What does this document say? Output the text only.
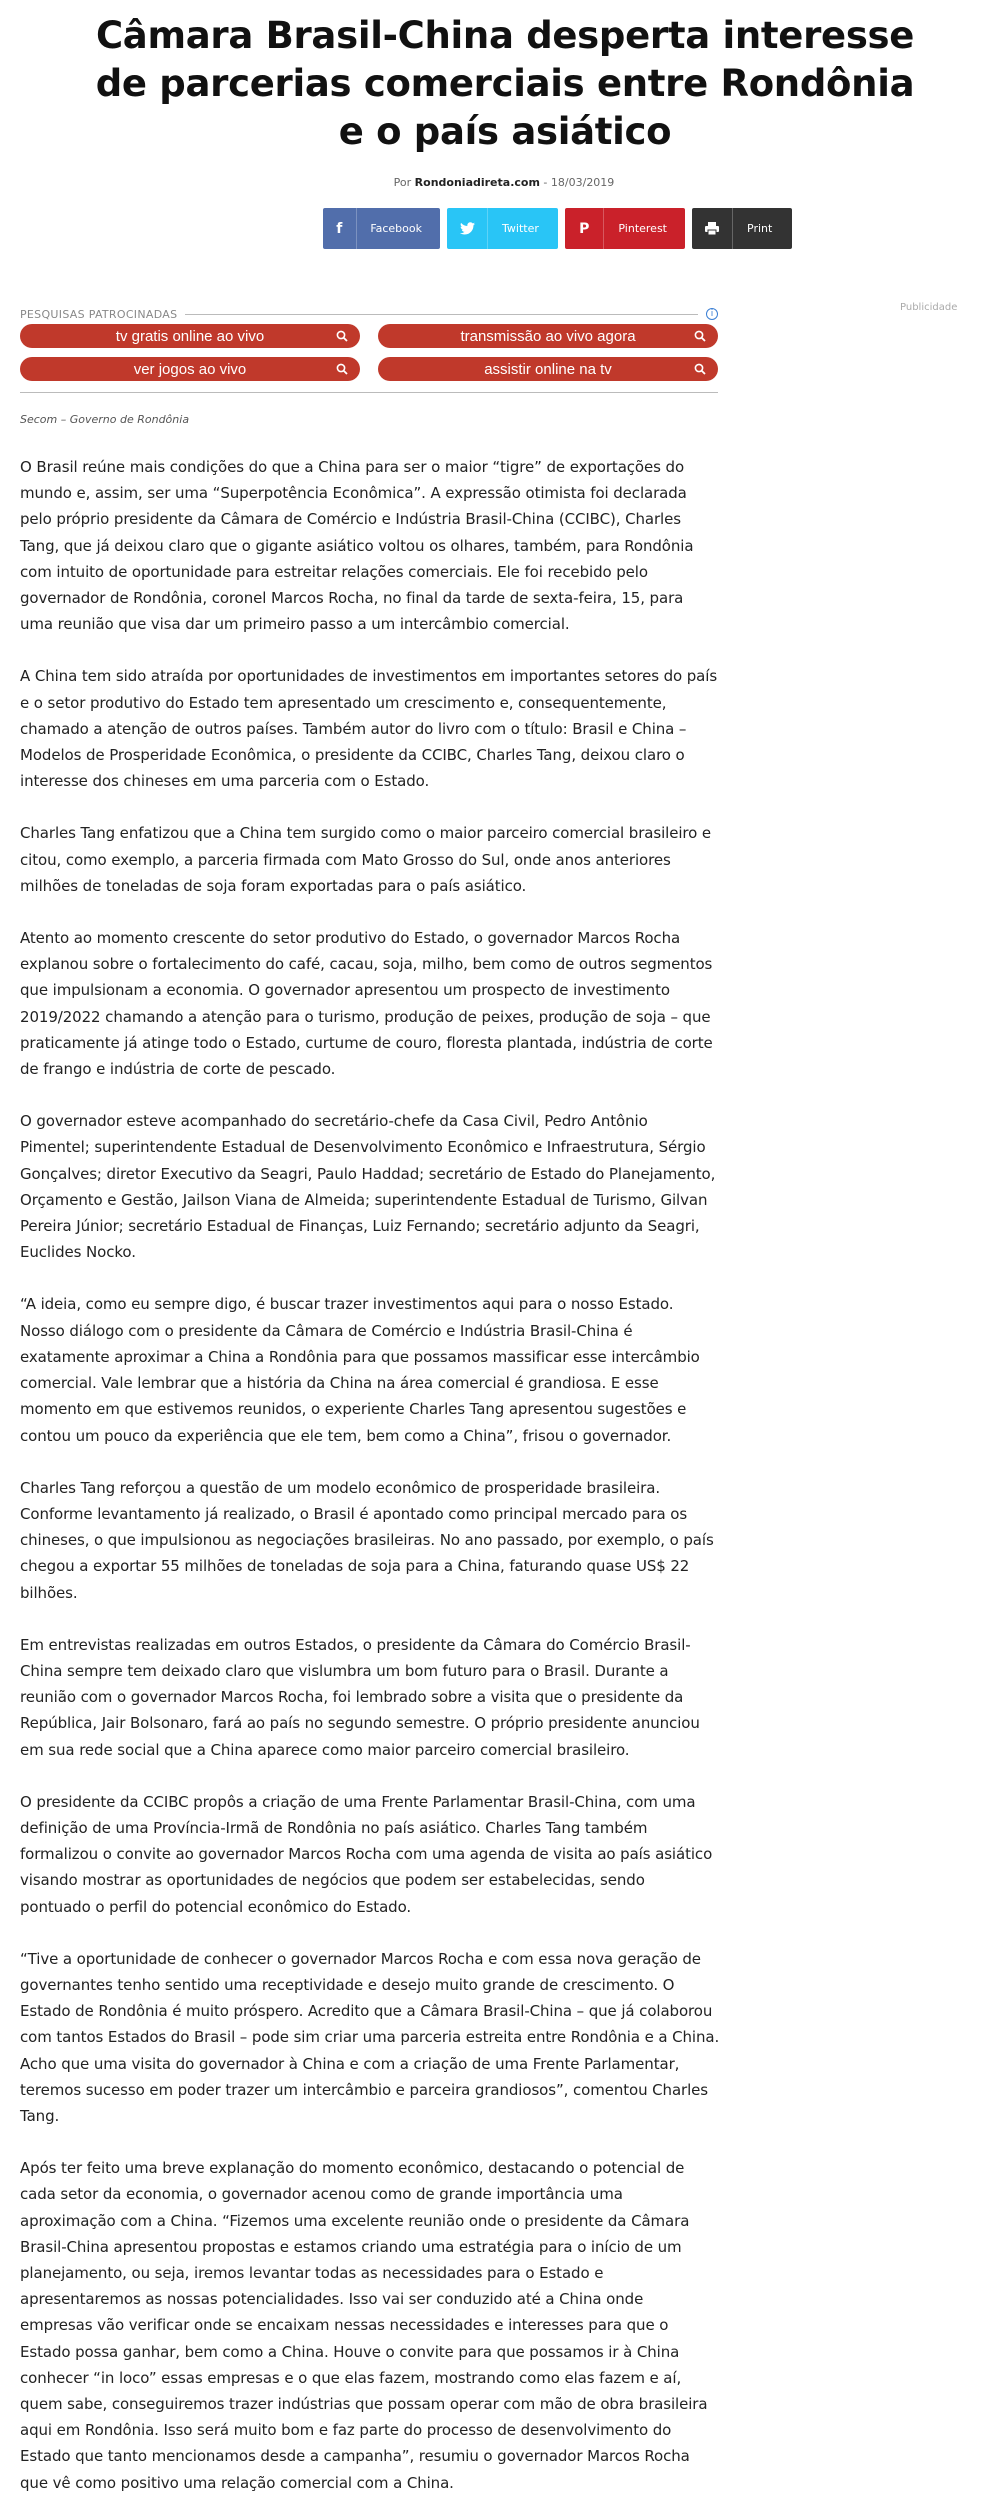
Câmara Brasil-China desperta interesse de parcerias comerciais entre Rondônia e o país asiático
Por Rondoniadireta.com - 18/03/2019
f	Facebook	Twitter	P	Pinterest	Print
Publicidade
PESQUISAS PATROCINADAS	i
tv gratis online ao vivo	transmissão ao vivo agora
ver jogos ao vivo	assistir online na tv
Secom – Governo de Rondônia

O Brasil reúne mais condições do que a China para ser o maior “tigre” de exportações do mundo e, assim, ser uma “Superpotência Econômica”. A expressão otimista foi declarada pelo próprio presidente da Câmara de Comércio e Indústria Brasil-China (CCIBC), Charles Tang, que já deixou claro que o gigante asiático voltou os olhares, também, para Rondônia com intuito de oportunidade para estreitar relações comerciais. Ele foi recebido pelo governador de Rondônia, coronel Marcos Rocha, no final da tarde de sexta-feira, 15, para uma reunião que visa dar um primeiro passo a um intercâmbio comercial.

A China tem sido atraída por oportunidades de investimentos em importantes setores do país e o setor produtivo do Estado tem apresentado um crescimento e, consequentemente, chamado a atenção de outros países. Também autor do livro com o título: Brasil e China – Modelos de Prosperidade Econômica, o presidente da CCIBC, Charles Tang, deixou claro o interesse dos chineses em uma parceria com o Estado.

Charles Tang enfatizou que a China tem surgido como o maior parceiro comercial brasileiro e citou, como exemplo, a parceria firmada com Mato Grosso do Sul, onde anos anteriores milhões de toneladas de soja foram exportadas para o país asiático.

Atento ao momento crescente do setor produtivo do Estado, o governador Marcos Rocha explanou sobre o fortalecimento do café, cacau, soja, milho, bem como de outros segmentos que impulsionam a economia. O governador apresentou um prospecto de investimento 2019/2022 chamando a atenção para o turismo, produção de peixes, produção de soja – que praticamente já atinge todo o Estado, curtume de couro, floresta plantada, indústria de corte de frango e indústria de corte de pescado.

O governador esteve acompanhado do secretário-chefe da Casa Civil, Pedro Antônio Pimentel; superintendente Estadual de Desenvolvimento Econômico e Infraestrutura, Sérgio Gonçalves; diretor Executivo da Seagri, Paulo Haddad; secretário de Estado do Planejamento, Orçamento e Gestão, Jailson Viana de Almeida; superintendente Estadual de Turismo, Gilvan Pereira Júnior; secretário Estadual de Finanças, Luiz Fernando; secretário adjunto da Seagri, Euclides Nocko.

“A ideia, como eu sempre digo, é buscar trazer investimentos aqui para o nosso Estado. Nosso diálogo com o presidente da Câmara de Comércio e Indústria Brasil-China é exatamente aproximar a China a Rondônia para que possamos massificar esse intercâmbio comercial. Vale lembrar que a história da China na área comercial é grandiosa. E esse momento em que estivemos reunidos, o experiente Charles Tang apresentou sugestões e contou um pouco da experiência que ele tem, bem como a China”, frisou o governador.

Charles Tang reforçou a questão de um modelo econômico de prosperidade brasileira. Conforme levantamento já realizado, o Brasil é apontado como principal mercado para os chineses, o que impulsionou as negociações brasileiras. No ano passado, por exemplo, o país chegou a exportar 55 milhões de toneladas de soja para a China, faturando quase US$ 22 bilhões.

Em entrevistas realizadas em outros Estados, o presidente da Câmara do Comércio Brasil-China sempre tem deixado claro que vislumbra um bom futuro para o Brasil. Durante a reunião com o governador Marcos Rocha, foi lembrado sobre a visita que o presidente da República, Jair Bolsonaro, fará ao país no segundo semestre. O próprio presidente anunciou em sua rede social que a China aparece como maior parceiro comercial brasileiro.

O presidente da CCIBC propôs a criação de uma Frente Parlamentar Brasil-China, com uma definição de uma Província-Irmã de Rondônia no país asiático. Charles Tang também formalizou o convite ao governador Marcos Rocha com uma agenda de visita ao país asiático visando mostrar as oportunidades de negócios que podem ser estabelecidas, sendo pontuado o perfil do potencial econômico do Estado.

“Tive a oportunidade de conhecer o governador Marcos Rocha e com essa nova geração de governantes tenho sentido uma receptividade e desejo muito grande de crescimento. O Estado de Rondônia é muito próspero. Acredito que a Câmara Brasil-China – que já colaborou com tantos Estados do Brasil – pode sim criar uma parceria estreita entre Rondônia e a China. Acho que uma visita do governador à China e com a criação de uma Frente Parlamentar, teremos sucesso em poder trazer um intercâmbio e parceira grandiosos”, comentou Charles Tang.

Após ter feito uma breve explanação do momento econômico, destacando o potencial de cada setor da economia, o governador acenou como de grande importância uma aproximação com a China. “Fizemos uma excelente reunião onde o presidente da Câmara Brasil-China apresentou propostas e estamos criando uma estratégia para o início de um planejamento, ou seja, iremos levantar todas as necessidades para o Estado e apresentaremos as nossas potencialidades. Isso vai ser conduzido até a China onde empresas vão verificar onde se encaixam nessas necessidades e interesses para que o Estado possa ganhar, bem como a China. Houve o convite para que possamos ir à China conhecer “in loco” essas empresas e o que elas fazem, mostrando como elas fazem e aí, quem sabe, conseguiremos trazer indústrias que possam operar com mão de obra brasileira aqui em Rondônia. Isso será muito bom e faz parte do processo de desenvolvimento do Estado que tanto mencionamos desde a campanha”, resumiu o governador Marcos Rocha que vê como positivo uma relação comercial com a China.
